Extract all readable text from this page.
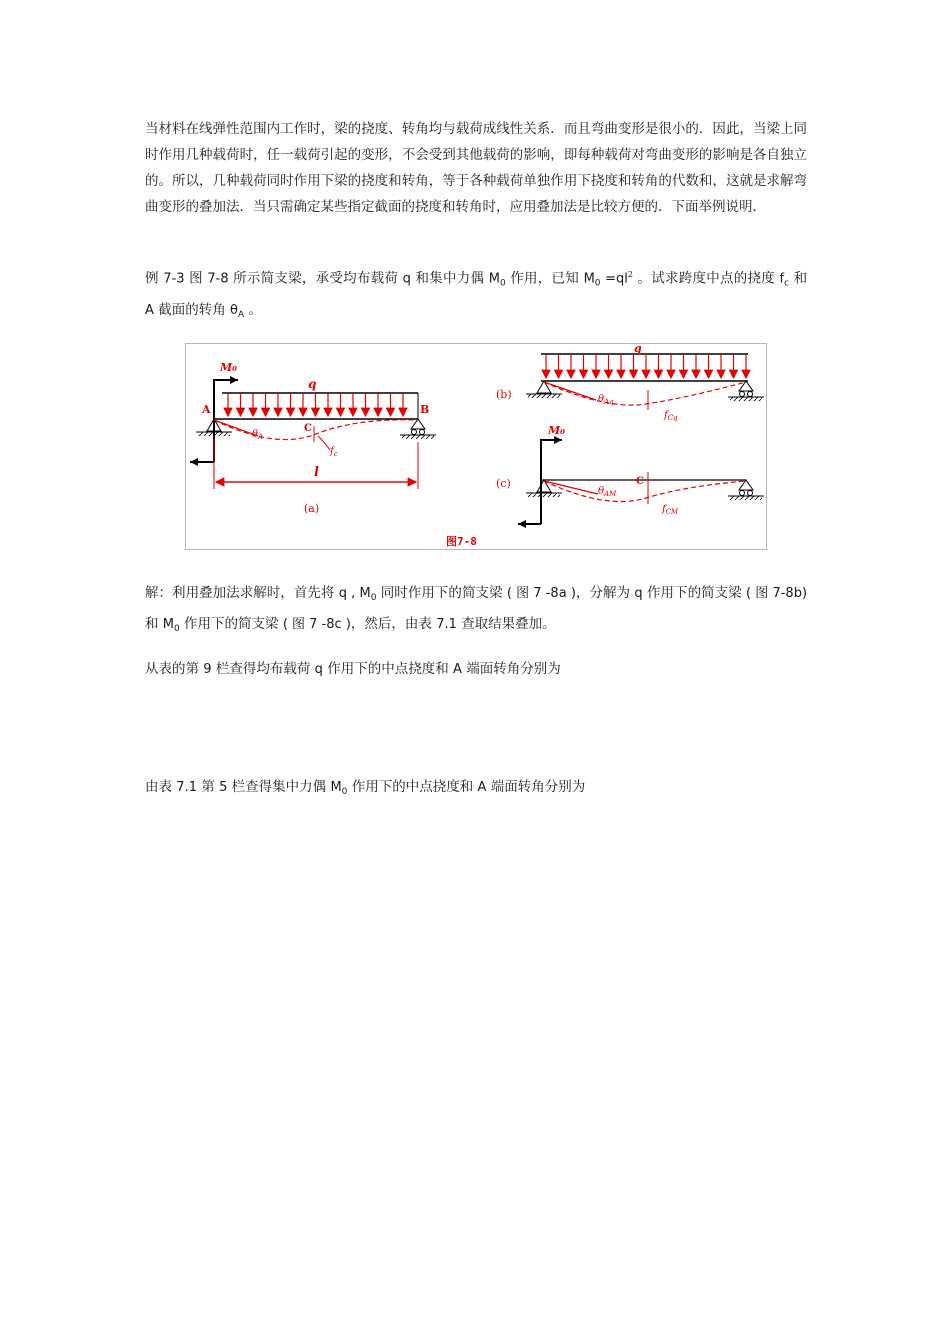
当材料在线弹性范围内工作时，梁的挠度、转角均与载荷成线性关系．而且弯曲变形是很小的．因此，当梁上同时作用几种载荷时，任一载荷引起的变形，不会受到其他载荷的影响，即每种载荷对弯曲变形的影响是各自独立的。所以，几种载荷同时作用下梁的挠度和转角，等于各种载荷单独作用下挠度和转角的代数和，这就是求解弯曲变形的叠加法．当只需确定某些指定截面的挠度和转角时，应用叠加法是比较方便的．下面举例说明．
例 7-3 图 7-8 所示简支梁，承受均布载荷 q 和集中力偶 $M_0$ 作用，已知 $M_0 =ql^2$ 。试求跨度中点的挠度 $f_c$ 和 A 截面的转角 $\theta_A$ 。
M₀
q
A	B
C
$\theta_A$
$f_c$
l
(a)
q
$\theta_{Aq}$
$f_{Cq}$
(b)
M₀
C
$\theta_{AM}$
$f_{CM}$
(c)
图7-8
解：利用叠加法求解时，首先将 q , $M_0$ 同时作用下的简支梁 ( 图 7 -8a )，分解为 q 作用下的简支梁 ( 图 7-8b) 和 $M_0$ 作用下的简支梁 ( 图 7 -8c )，然后，由表 7.1 查取结果叠加。
从表的第 9 栏查得均布载荷 q 作用下的中点挠度和 A 端面转角分别为
由表 7.1 第 5 栏查得集中力偶 $M_0$ 作用下的中点挠度和 A 端面转角分别为
